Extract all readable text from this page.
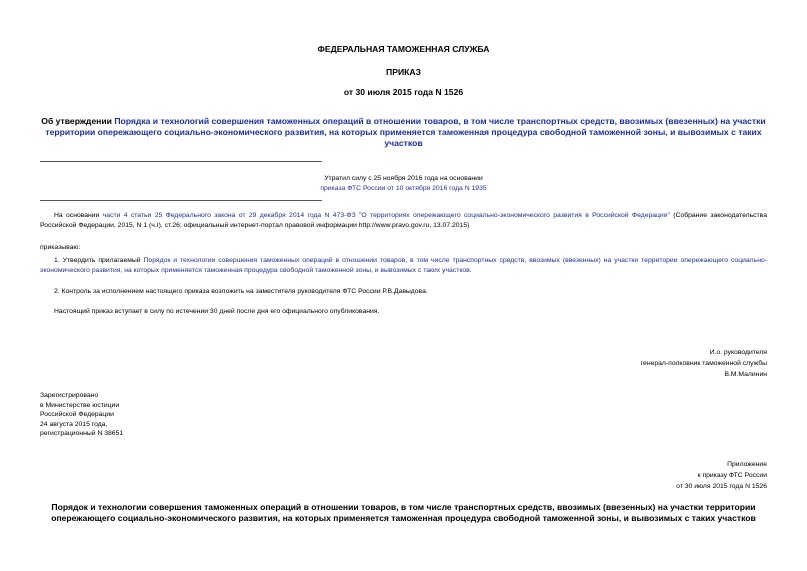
ФЕДЕРАЛЬНАЯ ТАМОЖЕННАЯ СЛУЖБА
ПРИКАЗ
от 30 июля 2015 года N 1526
Об утверждении Порядка и технологий совершения таможенных операций в отношении товаров, в том числе транспортных средств, ввозимых (ввезенных) на участки территории опережающего социально-экономического развития, на которых применяется таможенная процедура свободной таможенной зоны, и вывозимых с таких участков
Утратил силу с 25 ноября 2016 года на основании
приказа ФТС России от 10 октября 2016 года N 1935
На основании части 4 статьи 25 Федерального закона от 29 декабря 2014 года N 473-ФЗ "О территориях опережающего социально-экономического развития в Российской Федерации" (Собрание законодательства Российской Федерации, 2015, N 1 (ч.I), ст.26; официальный интернет-портал правовой информации http://www.pravo.gov.ru, 13.07.2015)
приказываю:
1. Утвердить прилагаемый Порядок и технологии совершения таможенных операций в отношении товаров, в том числе транспортных средств, ввозимых (ввезенных) на участки территории опережающего социально-экономического развития, на которых применяется таможенная процедура свободной таможенной зоны, и вывозимых с таких участков.
2. Контроль за исполнением настоящего приказа возложить на заместителя руководителя ФТС России Р.В.Давыдова.
Настоящий приказ вступает в силу по истечении 30 дней после дня его официального опубликования.
И.о. руководителя
генерал-полковник таможенной службы
В.М.Малинин
Зарегистрировано
в Министерстве юстиции
Российской Федерации
24 августа 2015 года,
регистрационный N 38651
Приложение
к приказу ФТС России
от 30 июля 2015 года N 1526
Порядок и технологии совершения таможенных операций в отношении товаров, в том числе транспортных средств, ввозимых (ввезенных) на участки территории опережающего социально-экономического развития, на которых применяется таможенная процедура свободной таможенной зоны, и вывозимых с таких участков
